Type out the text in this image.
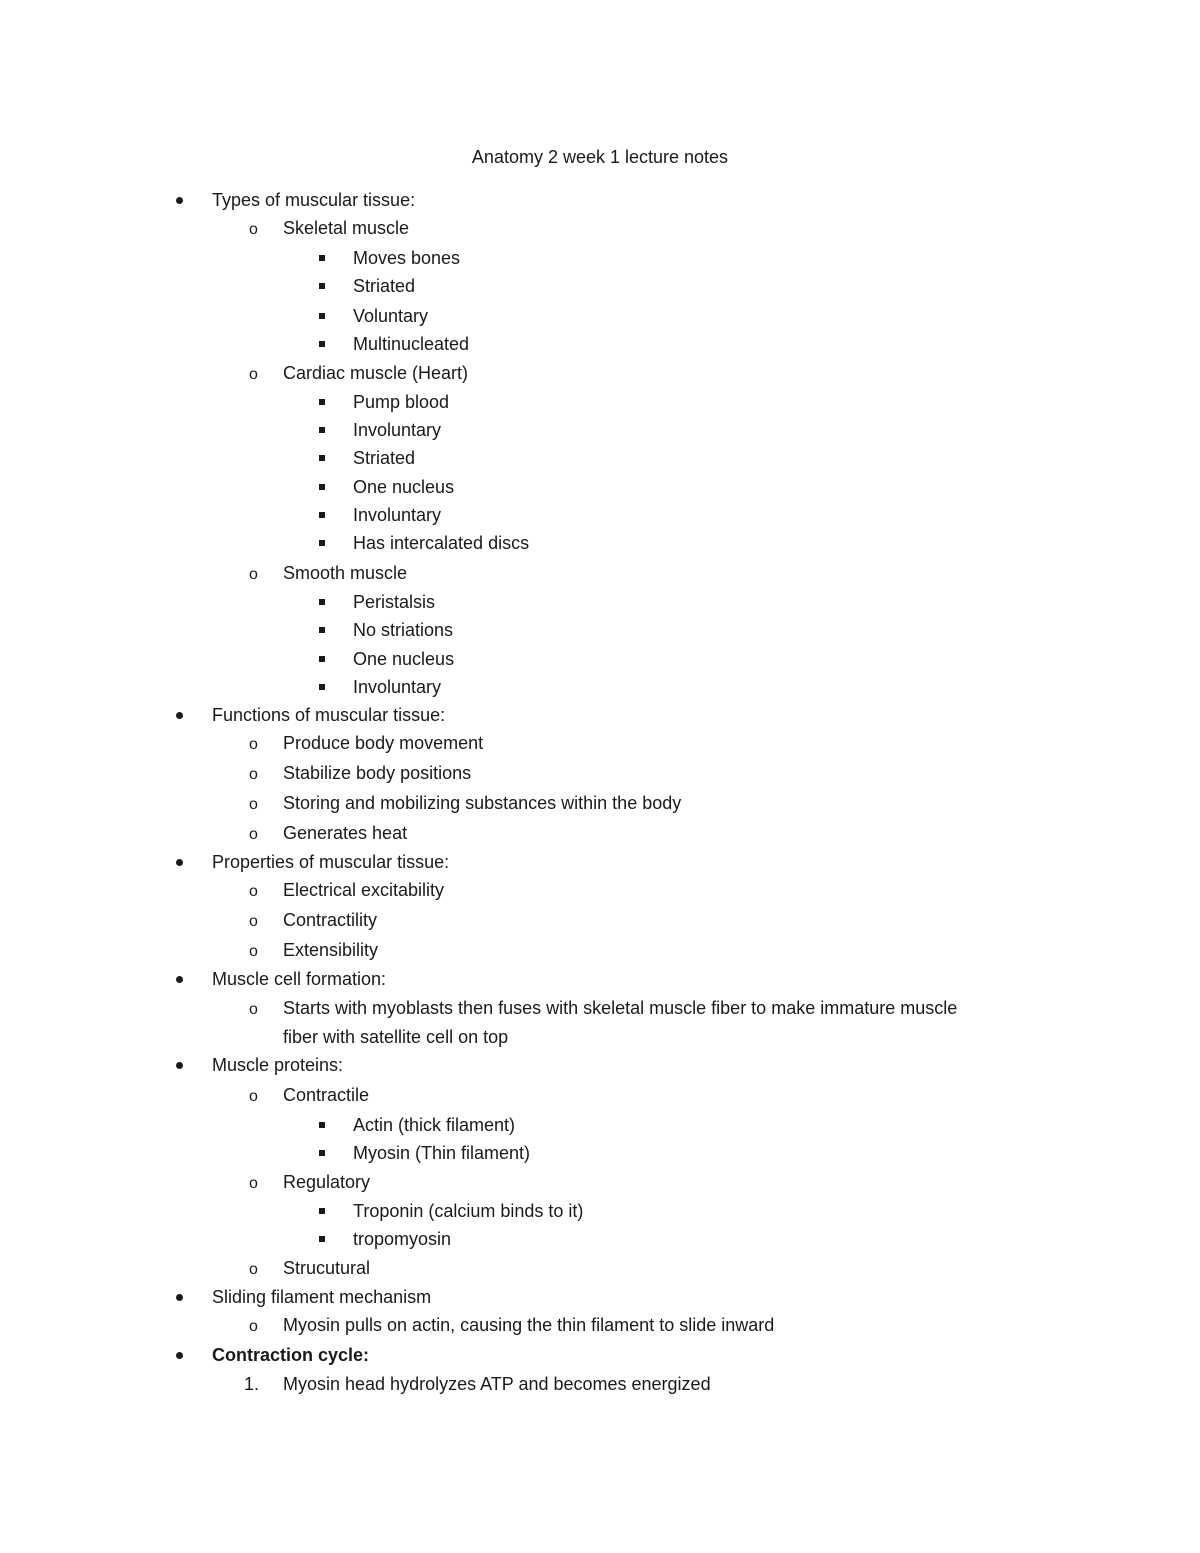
Anatomy 2 week 1 lecture notes
Types of muscular tissue:
o Skeletal muscle
Moves bones
Striated
Voluntary
Multinucleated
o Cardiac muscle (Heart)
Pump blood
Involuntary
Striated
One nucleus
Involuntary
Has intercalated discs
o Smooth muscle
Peristalsis
No striations
One nucleus
Involuntary
Functions of muscular tissue:
o Produce body movement
o Stabilize body positions
o Storing and mobilizing substances within the body
o Generates heat
Properties of muscular tissue:
o Electrical excitability
o Contractility
o Extensibility
Muscle cell formation:
o Starts with myoblasts then fuses with skeletal muscle fiber to make immature muscle
fiber with satellite cell on top
Muscle proteins:
o Contractile
Actin (thick filament)
Myosin (Thin filament)
o Regulatory
Troponin (calcium binds to it)
tropomyosin
o Strucutural
Sliding filament mechanism
o Myosin pulls on actin, causing the thin filament to slide inward
Contraction cycle:
1. Myosin head hydrolyzes ATP and becomes energized
